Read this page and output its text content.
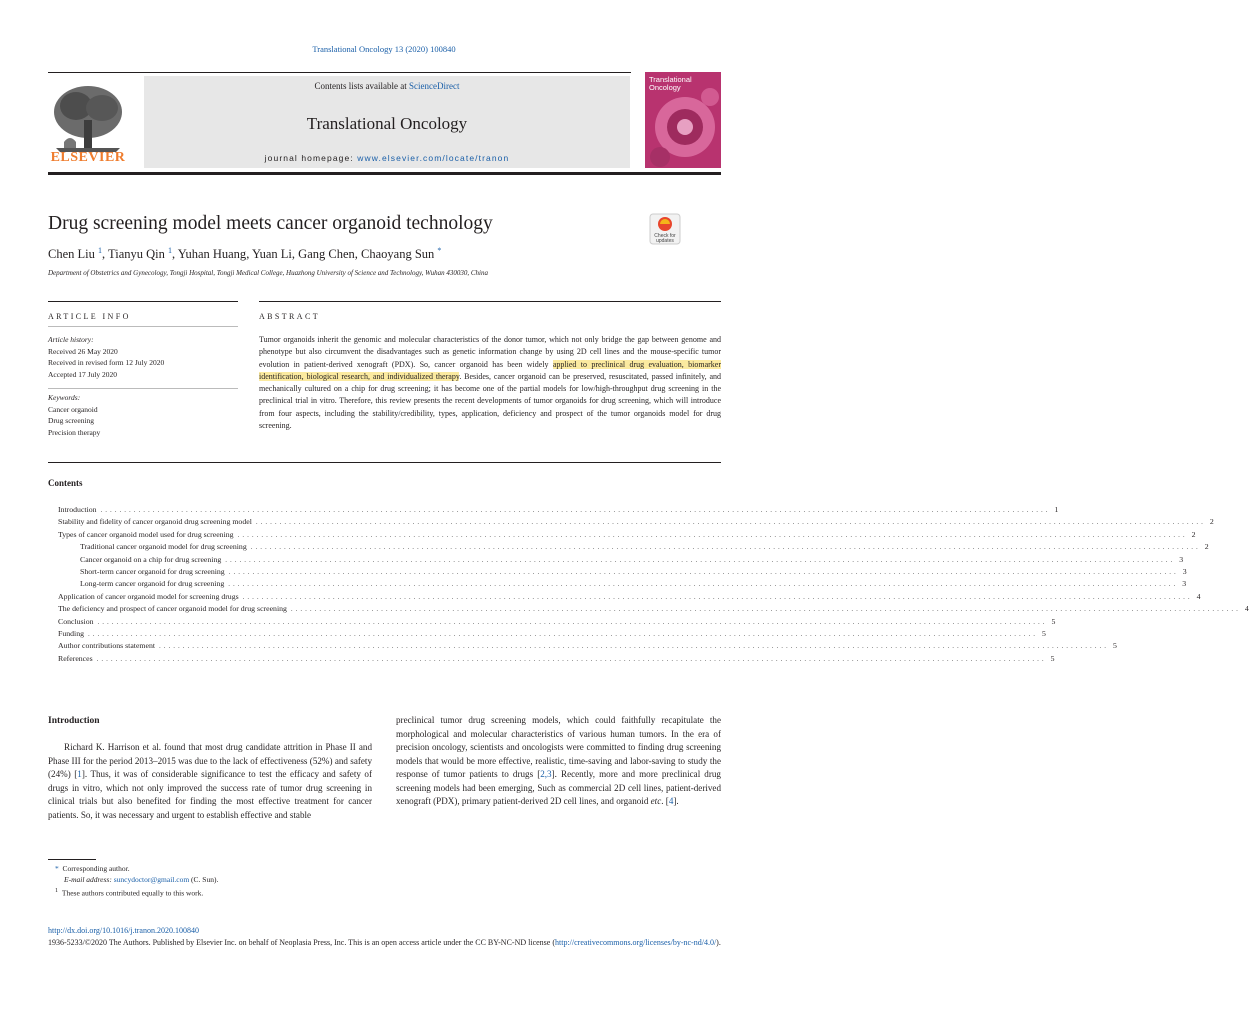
Translational Oncology 13 (2020) 100840
ELSEVIER
Contents lists available at ScienceDirect
Translational Oncology
journal homepage: www.elsevier.com/locate/tranon
Translational Oncology
Drug screening model meets cancer organoid technology
Check for updates
Chen Liu $^1$, Tianyu Qin $^1$, Yuhan Huang, Yuan Li, Gang Chen, Chaoyang Sun *
Department of Obstetrics and Gynecology, Tongji Hospital, Tongji Medical College, Huazhong University of Science and Technology, Wuhan 430030, China
ARTICLE INFO	ABSTRACT
Article history:
Received 26 May 2020
Received in revised form 12 July 2020
Accepted 17 July 2020
Keywords:
Cancer organoid
Drug screening
Precision therapy
Tumor organoids inherit the genomic and molecular characteristics of the donor tumor, which not only bridge the gap between genome and phenotype but also circumvent the disadvantages such as genetic information change by using 2D cell lines and the mouse-specific tumor evolution in patient-derived xenograft (PDX). So, cancer organoid has been widely applied to preclinical drug evaluation, biomarker identification, biological research, and individualized therapy. Besides, cancer organoid can be preserved, resuscitated, passed infinitely, and mechanically cultured on a chip for drug screening; it has become one of the partial models for low/high-throughput drug screening in the preclinical trial in vitro. Therefore, this review presents the recent developments of tumor organoids for drug screening, which will introduce from four aspects, including the stability/credibility, types, application, deficiency and prospect of the tumor organoids model for drug screening.
Contents
Introduction ........................................................................................................................................................................................................ 1
Stability and fidelity of cancer organoid drug screening model ........................................................................................................................................................................................................ 2
Types of cancer organoid model used for drug screening ........................................................................................................................................................................................................ 2
Traditional cancer organoid model for drug screening ........................................................................................................................................................................................................ 2
Cancer organoid on a chip for drug screening ........................................................................................................................................................................................................ 3
Short-term cancer organoid for drug screening ........................................................................................................................................................................................................ 3
Long-term cancer organoid for drug screening ........................................................................................................................................................................................................ 3
Application of cancer organoid model for screening drugs ........................................................................................................................................................................................................ 4
The deficiency and prospect of cancer organoid model for drug screening ........................................................................................................................................................................................................ 4
Conclusion ........................................................................................................................................................................................................ 5
Funding ........................................................................................................................................................................................................ 5
Author contributions statement ........................................................................................................................................................................................................ 5
References ........................................................................................................................................................................................................ 5
Introduction
Richard K. Harrison et al. found that most drug candidate attrition in Phase II and Phase III for the period 2013–2015 was due to the lack of effectiveness (52%) and safety (24%) [1]. Thus, it was of considerable significance to test the efficacy and safety of drugs in vitro, which not only improved the success rate of tumor drug screening in clinical trials but also benefited for finding the most effective treatment for cancer patients. So, it was necessary and urgent to establish effective and stable
preclinical tumor drug screening models, which could faithfully recapitulate the morphological and molecular characteristics of various human tumors. In the era of precision oncology, scientists and oncologists were committed to finding drug screening models that would be more effective, realistic, time-saving and labor-saving to study the response of tumor patients to drugs [2,3]. Recently, more and more preclinical drug screening models had been emerging, Such as commercial 2D cell lines, patient-derived xenograft (PDX), primary patient-derived 2D cell lines, and organoid etc. [4].
* Corresponding author.
E-mail address: suncydoctor@gmail.com (C. Sun).
$^1$ These authors contributed equally to this work.
http://dx.doi.org/10.1016/j.tranon.2020.100840
1936-5233/©2020 The Authors. Published by Elsevier Inc. on behalf of Neoplasia Press, Inc. This is an open access article under the CC BY-NC-ND license (http://creativecommons.org/licenses/by-nc-nd/4.0/).
